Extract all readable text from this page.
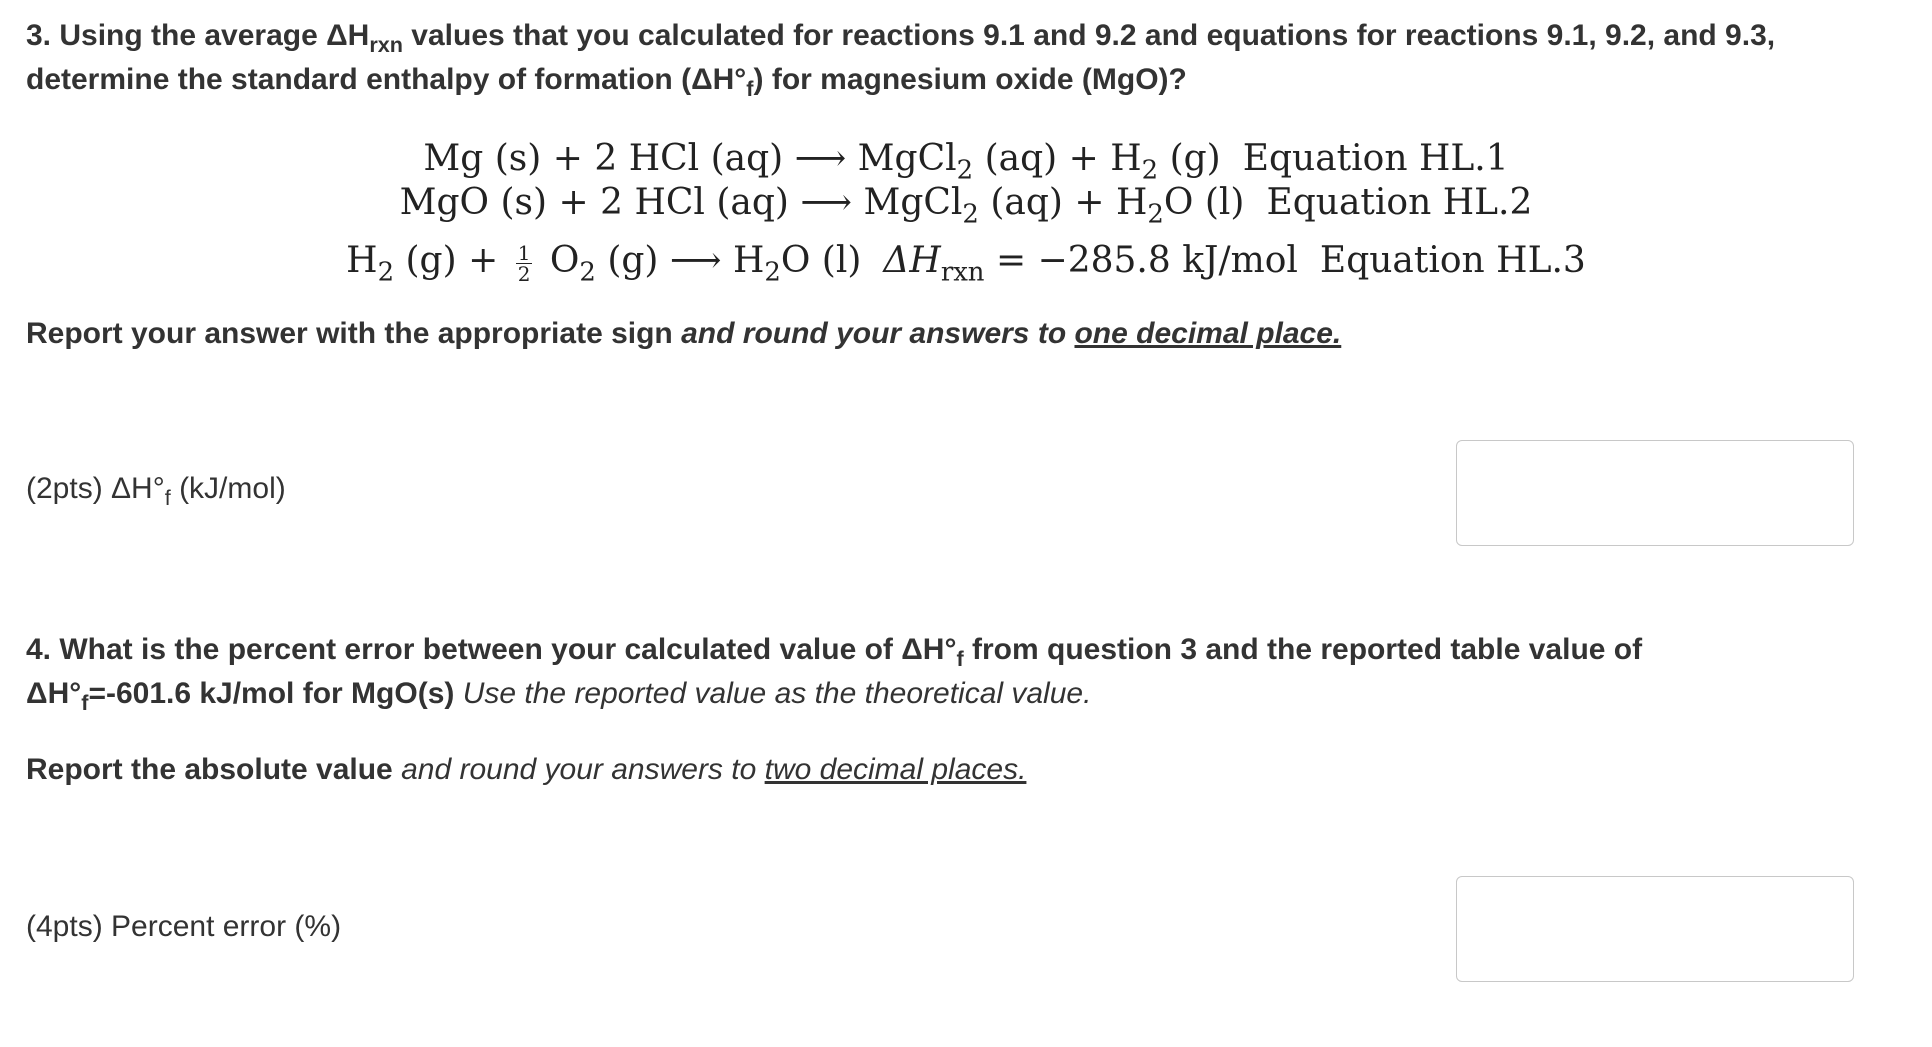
3. Using the average $\Delta H_{rxn}$ values that you calculated for reactions 9.1 and 9.2 and equations for reactions 9.1, 9.2, and 9.3,
determine the standard enthalpy of formation $(\Delta H^\circ_f)$ for magnesium oxide (MgO)?
Mg (s) + 2 HCl (aq) ⟶ MgCl$_2$ $(aq) + H_2$ (g) Equation HL.1
MgO (s) + 2 HCl (aq) ⟶ MgCl$_2$ $(aq) + H_2O$ (l) Equation HL.2
$H_2$ $(g) + \frac{1}{2} O_2$ (g) ⟶ $H_2O$ (l) $\Delta H_{rxn} = -285.8$ kJ/mol Equation HL.3
Report your answer with the appropriate sign and round your answers to one decimal place.
(2pts) $\Delta H^\circ_f$ (kJ/mol)
4. What is the percent error between your calculated value of $\Delta H^\circ_f$ from question 3 and the reported table value of
$\Delta H^\circ_f=-601.6$ kJ/mol for MgO(s) Use the reported value as the theoretical value.
Report the absolute value and round your answers to two decimal places.
(4pts) Percent error (%)
